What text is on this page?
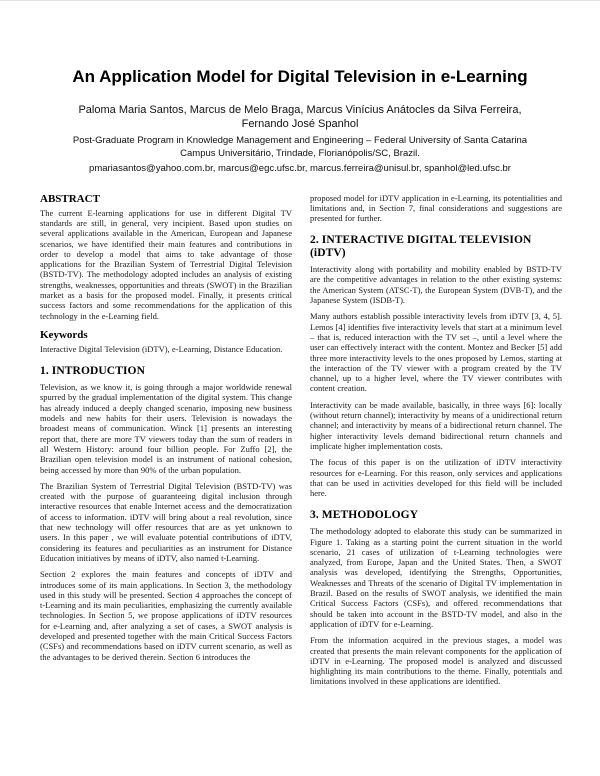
An Application Model for Digital Television in e-Learning
Paloma Maria Santos, Marcus de Melo Braga, Marcus Vinícius Anátocles da Silva Ferreira,
Fernando José Spanhol
Post-Graduate Program in Knowledge Management and Engineering – Federal University of Santa Catarina
Campus Universitário, Trindade, Florianópolis/SC, Brazil.
pmariasantos@yahoo.com.br, marcus@egc.ufsc.br, marcus.ferreira@unisul.br, spanhol@led.ufsc.br
ABSTRACT

The current E-learning applications for use in different Digital TV standards are still, in general, very incipient. Based upon studies on several applications available in the American, European and Japanese scenarios, we have identified their main features and contributions in order to develop a model that aims to take advantage of those applications for the Brazilian System of Terrestrial Digital Television (BSTD-TV). The methodology adopted includes an analysis of existing strengths, weaknesses, opportunities and threats (SWOT) in the Brazilian market as a basis for the proposed model. Finally, it presents critical success factors and some recommendations for the application of this technology in the e-Learning field.

Keywords

Interactive Digital Television (iDTV), e-Learning, Distance Education.

1. INTRODUCTION

Television, as we know it, is going through a major worldwide renewal spurred by the gradual implementation of the digital system. This change has already induced a deeply changed scenario, imposing new business models and new habits for their users. Television is nowadays the broadest means of communication. Winck [1] presents an interesting report that, there are more TV viewers today than the sum of readers in all Western History: around four billion people. For Zuffo [2], the Brazilian open television model is an instrument of national cohesion, being accessed by more than 90% of the urban population.

The Brazilian System of Terrestrial Digital Television (BSTD-TV) was created with the purpose of guaranteeing digital inclusion through interactive resources that enable Internet access and the democratization of access to information. iDTV will bring about a real revolution, since that new technology will offer resources that are as yet unknown to users. In this paper , we will evaluate potential contributions of iDTV, considering its features and peculiarities as an instrument for Distance Education initiatives by means of iDTV, also named t-Learning.

Section 2 explores the main features and concepts of iDTV and introduces some of its main applications. In Section 3, the methodology used in this study will be presented. Section 4 approaches the concept of t-Learning and its main peculiarities, emphasizing the currently available technologies. In Section 5, we propose applications of iDTV resources for e-Learning and, after analyzing a set of cases, a SWOT analysis is developed and presented together with the main Critical Success Factors (CSFs) and recommendations based on iDTV current scenario, as well as the advantages to be derived therein. Section 6 introduces the

proposed model for iDTV application in e-Learning, its potentialities and limitations and, in Section 7, final considerations and suggestions are presented for further.

2. INTERACTIVE DIGITAL TELEVISION (iDTV)

Interactivity along with portability and mobility enabled by BSTD-TV are the competitive advantages in relation to the other existing systems: the American System (ATSC-T), the European System (DVB-T), and the Japanese System (ISDB-T).

Many authors establish possible interactivity levels from iDTV [3, 4, 5]. Lemos [4] identifies five interactivity levels that start at a minimum level – that is, reduced interaction with the TV set –, until a level where the user can effectively interact with the content. Montez and Becker [5] add three more interactivity levels to the ones proposed by Lemos, starting at the interaction of the TV viewer with a program created by the TV channel, up to a higher level, where the TV viewer contributes with content creation.

Interactivity can be made available, basically, in three ways [6]: locally (without return channel); interactivity by means of a unidirectional return channel; and interactivity by means of a bidirectional return channel. The higher interactivity levels demand bidirectional return channels and implicate higher implementation costs.

The focus of this paper is on the utilization of iDTV interactivity resources for e-Learning. For this reason, only services and applications that can be used in activities developed for this field will be included here.

3. METHODOLOGY

The methodology adopted to elaborate this study can be summarized in Figure 1. Taking as a starting point the current situation in the world scenario, 21 cases of utilization of t-Learning technologies were analyzed, from Europe, Japan and the United States. Then, a SWOT analysis was developed, identifying the Strengths, Opportunities, Weaknesses and Threats of the scenario of Digital TV implementation in Brazil. Based on the results of SWOT analysis, we identified the main Critical Success Factors (CSFs), and offered recommendations that should be taken into account in the BSTD-TV model, and also in the application of iDTV for e-Learning.

From the information acquired in the previous stages, a model was created that presents the main relevant components for the application of iDTV in e-Learning. The proposed model is analyzed and discussed highlighting its main contributions to the theme. Finally, potentials and limitations involved in these applications are identified.
